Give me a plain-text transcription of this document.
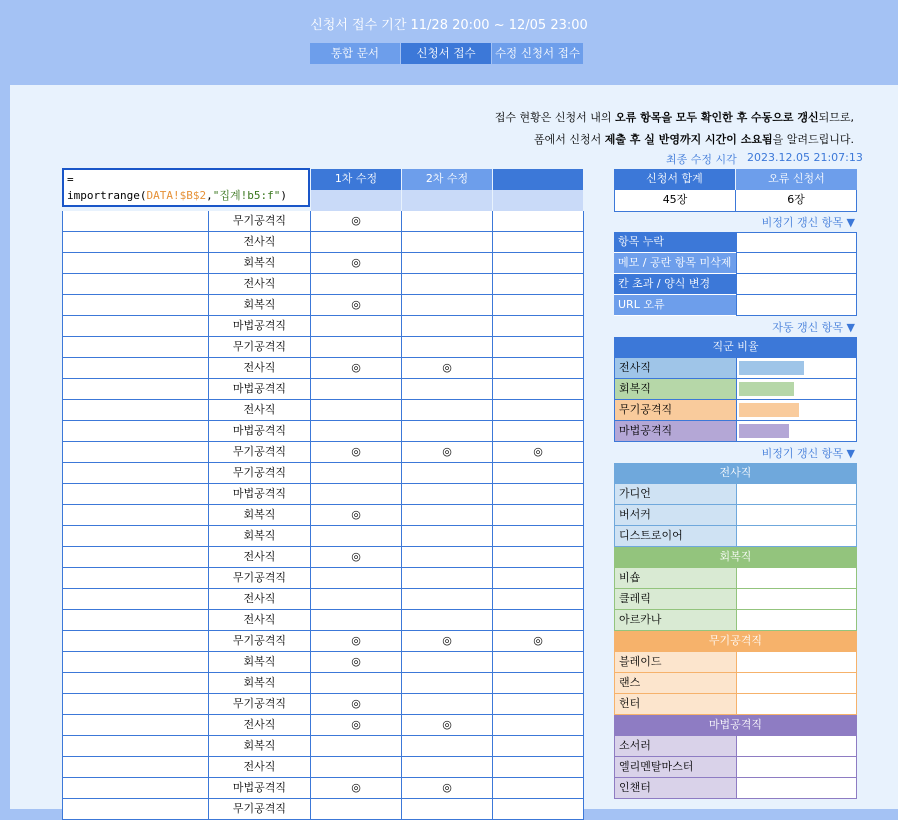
신청서 접수 기간 11/28 20:00 ~ 12/05 23:00
통합 문서	신청서 접수	수정 신청서 접수
접수 현황은 신청서 내의 오류 항목을 모두 확인한 후 수동으로 갱신되므로,
폼에서 신청서 제출 후 실 반영까지 시간이 소요됨을 알려드립니다.
최종 수정 시각 2023.12.05 21:07:13
1차 수정	2차 수정
무기공격직	◎
전사직
회복직	◎
전사직
회복직	◎
마법공격직
무기공격직
전사직	◎	◎
마법공격직
전사직
마법공격직
무기공격직	◎	◎	◎
무기공격직
마법공격직
회복직	◎
회복직
전사직	◎
무기공격직
전사직
전사직
무기공격직	◎	◎	◎
회복직	◎
회복직
무기공격직	◎
전사직	◎	◎
회복직
전사직
마법공격직	◎	◎
무기공격직
=
importrange(DATA!$B$2,"집계!b5:f")
신청서 합계	오류 신청서
45장	6장
비정기 갱신 항목 ▼
항목 누락
메모 / 공란 항목 미삭제
칸 초과 / 양식 변경
URL 오류
자동 갱신 항목 ▼
직군 비율
전사직
회복직
무기공격직
마법공격직
비정기 갱신 항목 ▼
전사직
가디언
버서커
디스트로이어
회복직
비숍
클레릭
아르카나
무기공격직
블레이드
랜스
헌터
마법공격직
소서러
엘리멘탈마스터
인챈터
